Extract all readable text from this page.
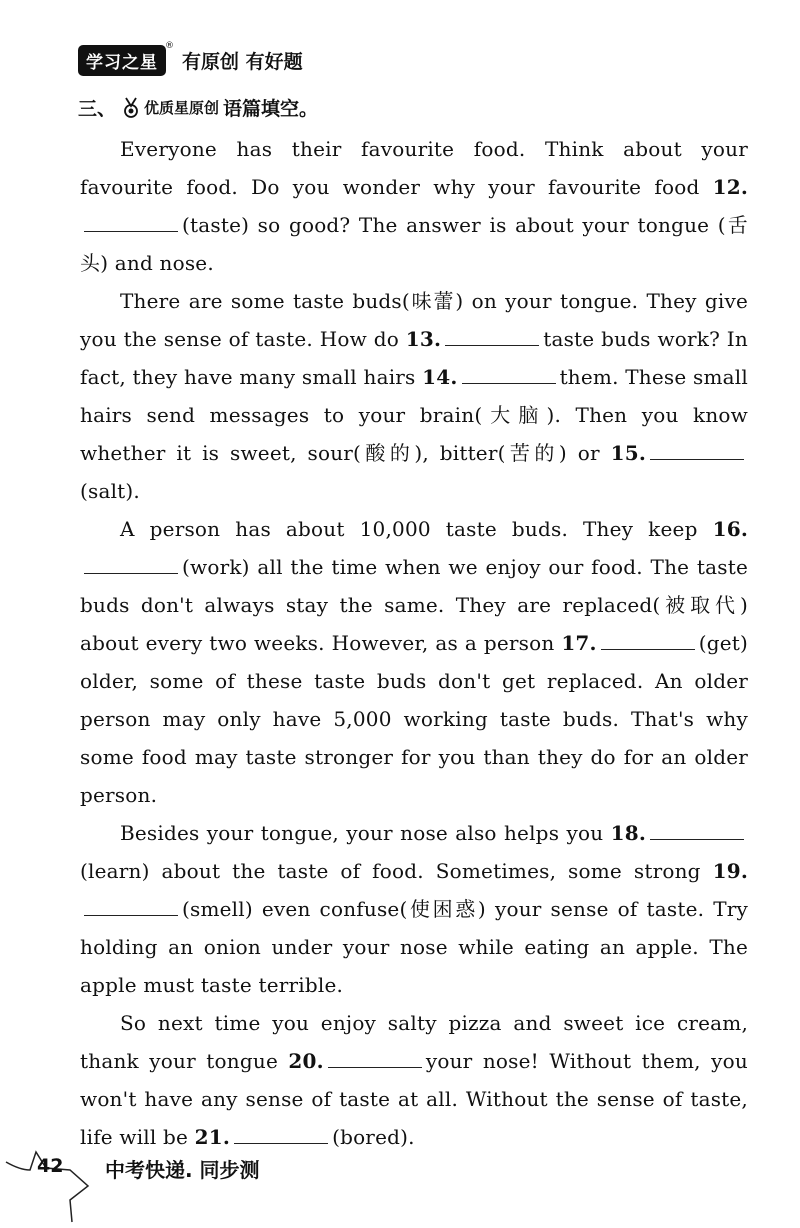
学习之星
®
有原创 有好题
三、 优质星原创 语篇填空。

Everyone has their favourite food. Think about your favourite food. Do you wonder why your favourite food 12.(taste) so good? The answer is about your tongue (舌头) and nose.

There are some taste buds(味蕾) on your tongue. They give you the sense of taste. How do 13.	taste buds work? In fact, they have many small hairs 14.	them. These small hairs send messages to your brain(大脑). Then you know whether it is sweet, sour(酸的), bitter(苦的) or 15.(salt).

A person has about 10,000 taste buds. They keep 16.(work) all the time when we enjoy our food. The taste buds don't always stay the same. They are replaced(被取代) about every two weeks. However, as a person 17.	(get) older, some of these taste buds don't get replaced. An older person may only have 5,000 working taste buds. That's why some food may taste stronger for you than they do for an older person.

Besides your tongue, your nose also helps you 18.(learn) about the taste of food. Sometimes, some strong 19.(smell) even confuse(使困惑) your sense of taste. Try holding an onion under your nose while eating an apple. The apple must taste terrible.

So next time you enjoy salty pizza and sweet ice cream, thank your tongue 20.	your nose! Without them, you won't have any sense of taste at all. Without the sense of taste, life will be 21.	(bored).

42 中考快递. 同步测
